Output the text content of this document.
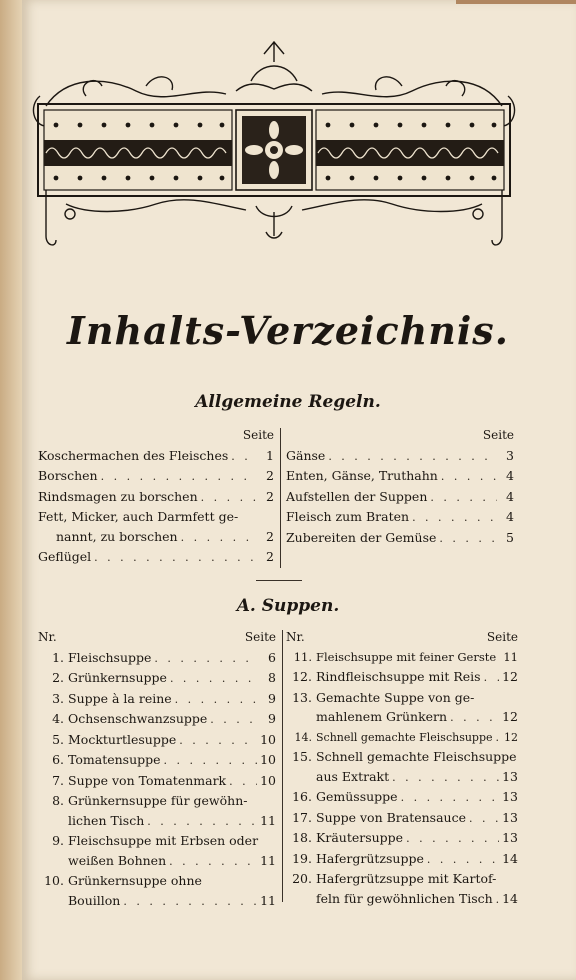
Inhalts-Verzeichnis.
Allgemeine Regeln.
Seite
Koschermachen des Fleisches . . .	1
Borschen . . .	2
Rindsmagen zu borschen . . .	2
Fett, Micker, auch Darmfett ge-
nannt, zu borschen . . .	2
Geflügel . . .	2
Seite
Gänse . . .	3
Enten, Gänse, Truthahn . . .	4
Aufstellen der Suppen . . .	4
Fleisch zum Braten . . .	4
Zubereiten der Gemüse . . .	5
A. Suppen.
Nr.	Seite
1. Fleischsuppe . . .	6
2. Grünkernsuppe . . .	8
3. Suppe à la reine . . .	9
4. Ochsenschwanzsuppe . . .	9
5. Mockturtlesuppe . . .	10
6. Tomatensuppe . . .	10
7. Suppe von Tomatenmark . . .	10
8. Grünkernsuppe für gewöhn-
lichen Tisch . . .	11
9. Fleischsuppe mit Erbsen oder
weißen Bohnen . . .	11
10. Grünkernsuppe ohne
Bouillon . . .	11
Nr.	Seite
11. Fleischsuppe mit feiner Gerste . . . 11
12. Rindfleischsuppe mit Reis . . . 12
13. Gemachte Suppe von ge-
mahlenem Grünkern . . .	12
14. Schnell gemachte Fleischsuppe . . . 12
15. Schnell gemachte Fleischsuppe
aus Extrakt . . .	13
16. Gemüssuppe . . .	13
17. Suppe von Bratensauce . . .	13
18. Kräutersuppe . . .	13
19. Hafergrützsuppe . . .	14
20. Hafergrützsuppe mit Kartof-
feln für gewöhnlichen Tisch . . . 14
